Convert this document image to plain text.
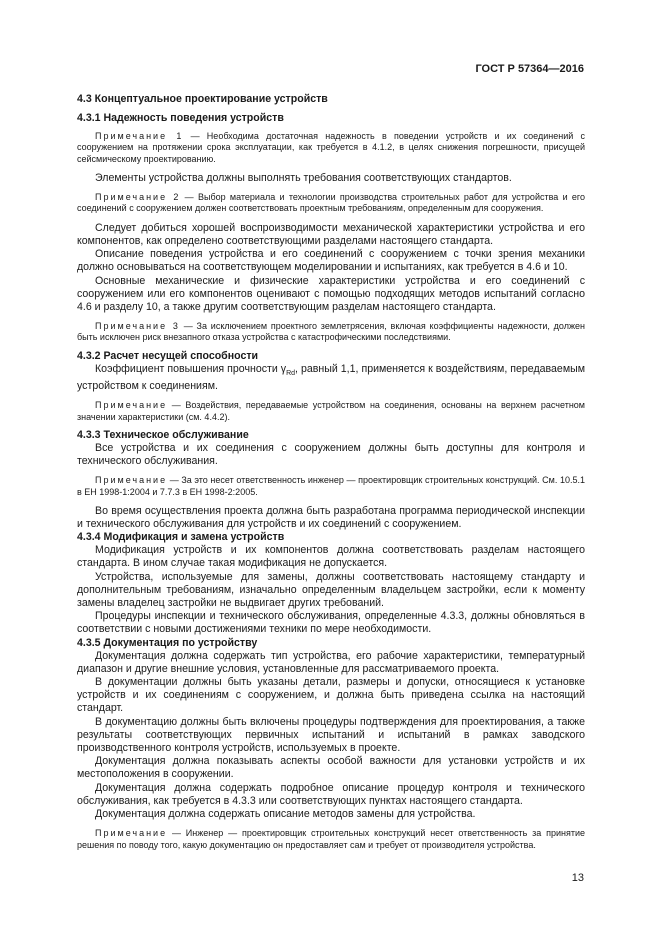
ГОСТ Р 57364—2016
4.3 Концептуальное проектирование устройств
4.3.1 Надежность поведения устройств

Примечание 1 — Необходима достаточная надежность в поведении устройств и их соединений с сооружением на протяжении срока эксплуатации, как требуется в 4.1.2, в целях снижения погрешности, присущей сейсмическому проектированию.

Элементы устройства должны выполнять требования соответствующих стандартов.

Примечание 2 — Выбор материала и технологии производства строительных работ для устройства и его соединений с сооружением должен соответствовать проектным требованиям, определенным для сооружения.

Следует добиться хорошей воспроизводимости механической характеристики устройства и его компонентов, как определено соответствующими разделами настоящего стандарта.

Описание поведения устройства и его соединений с сооружением с точки зрения механики должно основываться на соответствующем моделировании и испытаниях, как требуется в 4.6 и 10.

Основные механические и физические характеристики устройства и его соединений с сооружением или его компонентов оценивают с помощью подходящих методов испытаний согласно 4.6 и разделу 10, а также другим соответствующим разделам настоящего стандарта.

Примечание 3 — За исключением проектного землетрясения, включая коэффициенты надежности, должен быть исключен риск внезапного отказа устройства с катастрофическими последствиями.

4.3.2 Расчет несущей способности

Коэффициент повышения прочности $\gamma_{Rd}$, равный 1,1, применяется к воздействиям, передаваемым устройством к соединениям.

Примечание — Воздействия, передаваемые устройством на соединения, основаны на верхнем расчетном значении характеристики (см. 4.4.2).

4.3.3 Техническое обслуживание

Все устройства и их соединения с сооружением должны быть доступны для контроля и технического обслуживания.

Примечание — За это несет ответственность инженер — проектировщик строительных конструкций. См. 10.5.1 в ЕН 1998-1:2004 и 7.7.3 в ЕН 1998-2:2005.

Во время осуществления проекта должна быть разработана программа периодической инспекции и технического обслуживания для устройств и их соединений с сооружением.

4.3.4 Модификация и замена устройств

Модификация устройств и их компонентов должна соответствовать разделам настоящего стандарта. В ином случае такая модификация не допускается.

Устройства, используемые для замены, должны соответствовать настоящему стандарту и дополнительным требованиям, изначально определенным владельцем застройки, если к моменту замены владелец застройки не выдвигает других требований.

Процедуры инспекции и технического обслуживания, определенные 4.3.3, должны обновляться в соответствии с новыми достижениями техники по мере необходимости.

4.3.5 Документация по устройству

Документация должна содержать тип устройства, его рабочие характеристики, температурный диапазон и другие внешние условия, установленные для рассматриваемого проекта.

В документации должны быть указаны детали, размеры и допуски, относящиеся к установке устройств и их соединениям с сооружением, и должна быть приведена ссылка на настоящий стандарт.

В документацию должны быть включены процедуры подтверждения для проектирования, а также результаты соответствующих первичных испытаний и испытаний в рамках заводского производственного контроля устройств, используемых в проекте.

Документация должна показывать аспекты особой важности для установки устройств и их местоположения в сооружении.

Документация должна содержать подробное описание процедур контроля и технического обслуживания, как требуется в 4.3.3 или соответствующих пунктах настоящего стандарта.

Документация должна содержать описание методов замены для устройства.

Примечание — Инженер — проектировщик строительных конструкций несет ответственность за принятие решения по поводу того, какую документацию он предоставляет сам и требует от производителя устройства.

13
